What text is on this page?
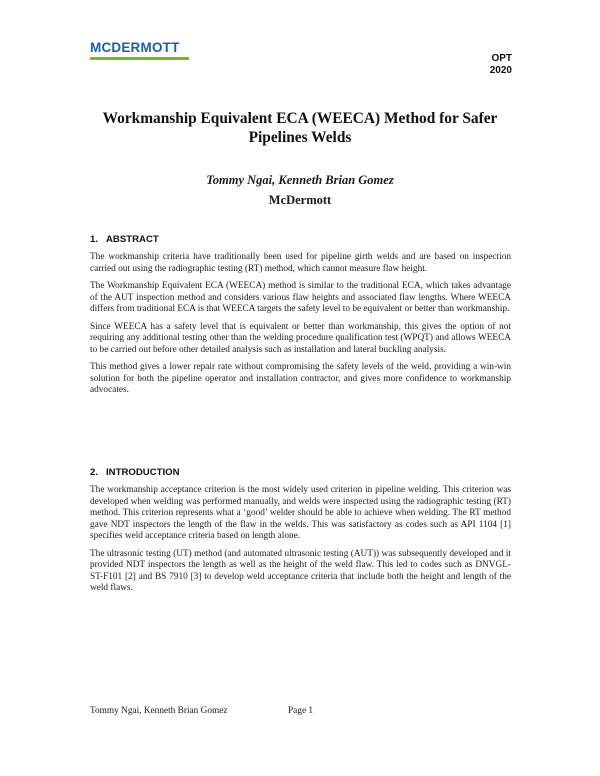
MCDERMOTT
OPT
2020
Workmanship Equivalent ECA (WEECA) Method for Safer
Pipelines Welds
Tommy Ngai, Kenneth Brian Gomez
McDermott
1. ABSTRACT

The workmanship criteria have traditionally been used for pipeline girth welds and are based on inspection carried out using the radiographic testing (RT) method, which cannot measure flaw height.

The Workmanship Equivalent ECA (WEECA) method is similar to the traditional ECA, which takes advantage of the AUT inspection method and considers various flaw heights and associated flaw lengths. Where WEECA differs from traditional ECA is that WEECA targets the safety level to be equivalent or better than workmanship.

Since WEECA has a safety level that is equivalent or better than workmanship, this gives the option of not requiring any additional testing other than the welding procedure qualification test (WPQT) and allows WEECA to be carried out before other detailed analysis such as installation and lateral buckling analysis.

This method gives a lower repair rate without compromising the safety levels of the weld, providing a win-win solution for both the pipeline operator and installation contractor, and gives more confidence to workmanship advocates.

2. INTRODUCTION

The workmanship acceptance criterion is the most widely used criterion in pipeline welding. This criterion was developed when welding was performed manually, and welds were inspected using the radiographic testing (RT) method. This criterion represents what a ‘good’ welder should be able to achieve when welding. The RT method gave NDT inspectors the length of the flaw in the welds. This was satisfactory as codes such as API 1104 [1] specifies weld acceptance criteria based on length alone.

The ultrasonic testing (UT) method (and automated ultrasonic testing (AUT)) was subsequently developed and it provided NDT inspectors the length as well as the height of the weld flaw. This led to codes such as DNVGL-ST-F101 [2] and BS 7910 [3] to develop weld acceptance criteria that include both the height and length of the weld flaws.

Tommy Ngai, Kenneth Brian Gomez	Page 1
